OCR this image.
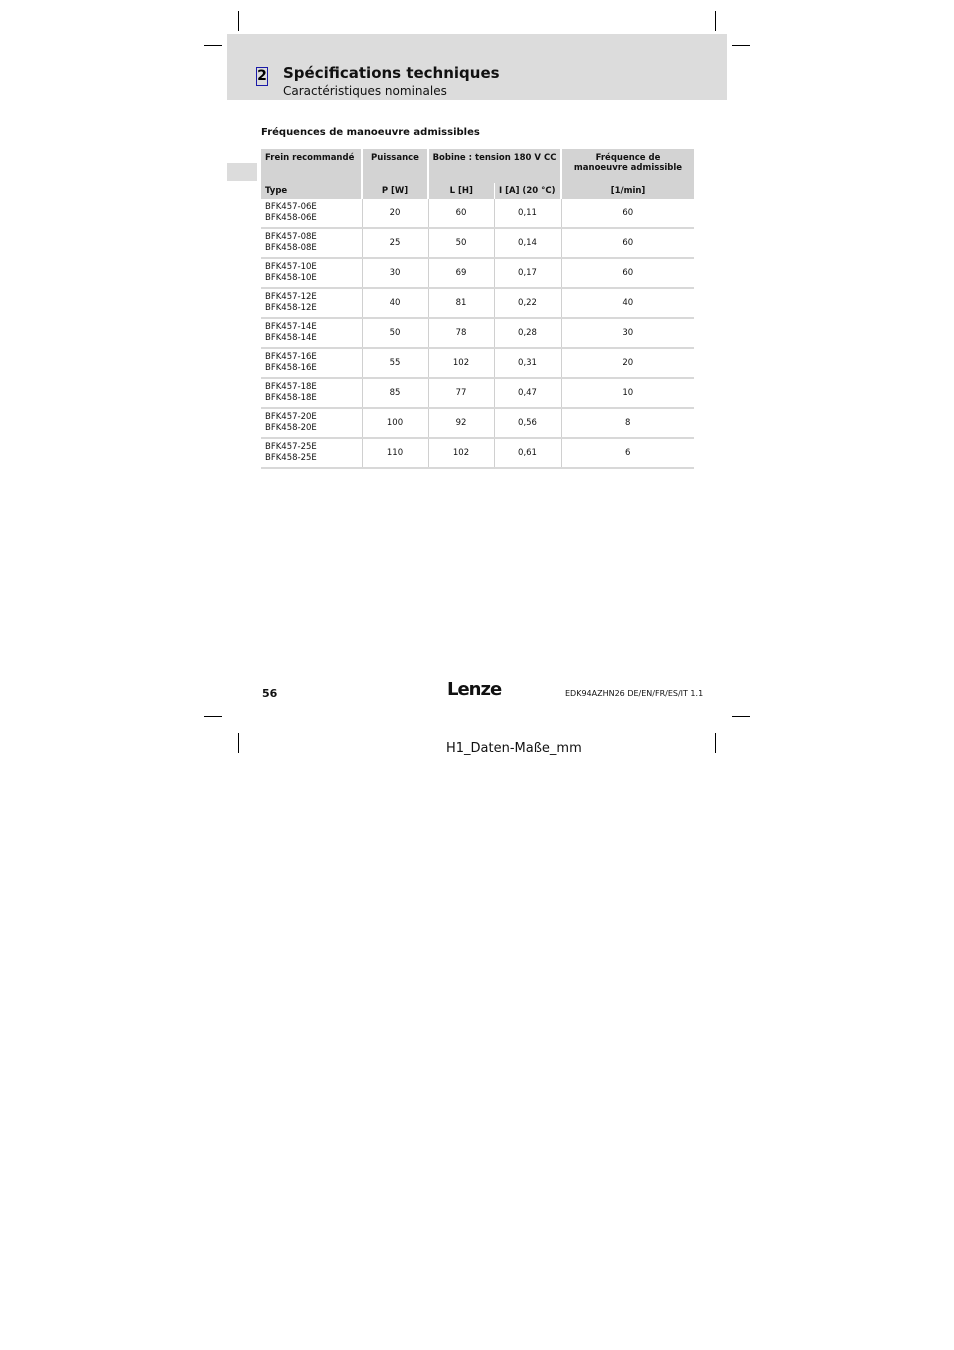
2 Spécifications techniques
Caractéristiques nominales
Fréquences de manoeuvre admissibles
Frein recommandé	Puissance	Bobine : tension 180 V CC		Fréquence de manoeuvre admissible
Type	P [W]	L [H]	I [A] (20 °C)	[1/min]

BFK457-06E
BFK458-06E	20	60	0,11	60

BFK457-08E
BFK458-08E	25	50	0,14	60

BFK457-10E
BFK458-10E	30	69	0,17	60

BFK457-12E
BFK458-12E	40	81	0,22	40

BFK457-14E
BFK458-14E	50	78	0,28	30

BFK457-16E
BFK458-16E	55	102	0,31	20

BFK457-18E
BFK458-18E	85	77	0,47	10

BFK457-20E
BFK458-20E	100	92	0,56	8

BFK457-25E
BFK458-25E	110	102	0,61	6
56	Lenze	EDK94AZHN26 DE/EN/FR/ES/IT 1.1
H1_Daten-Maße_mm
